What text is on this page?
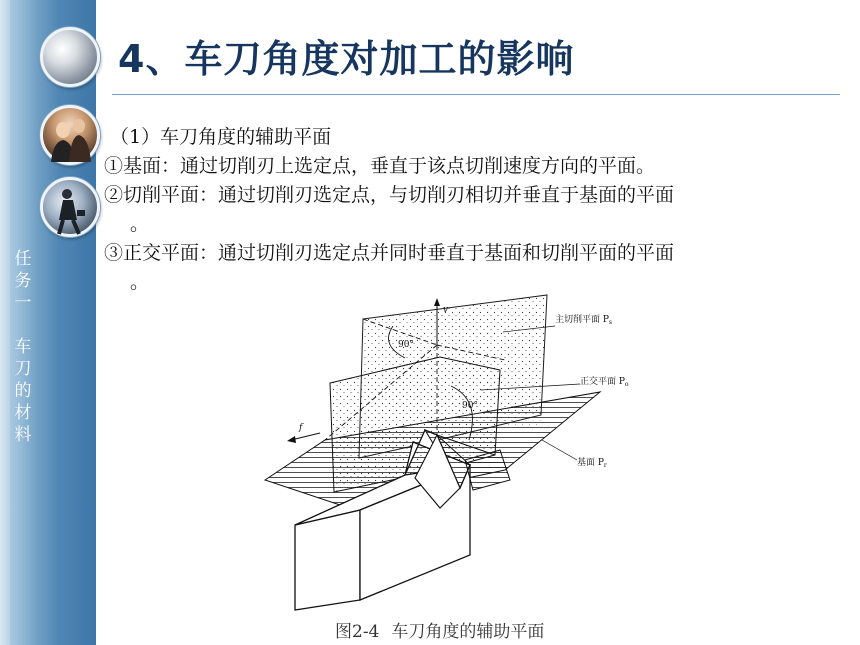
任
务
一
车
刀
的
材
料
4、车刀角度对加工的影响

（1）车刀角度的辅助平面

①基面：通过切削刃上选定点，垂直于该点切削速度方向的平面。

②切削平面：通过切削刃选定点，与切削刃相切并垂直于基面的平面

。

③正交平面：通过切削刃选定点并同时垂直于基面和切削平面的平面

。

v
90°
90°
f
主切削平面 $P_s$
正交平面 $P_o$
基面 $P_r$
图2-4 车刀角度的辅助平面
